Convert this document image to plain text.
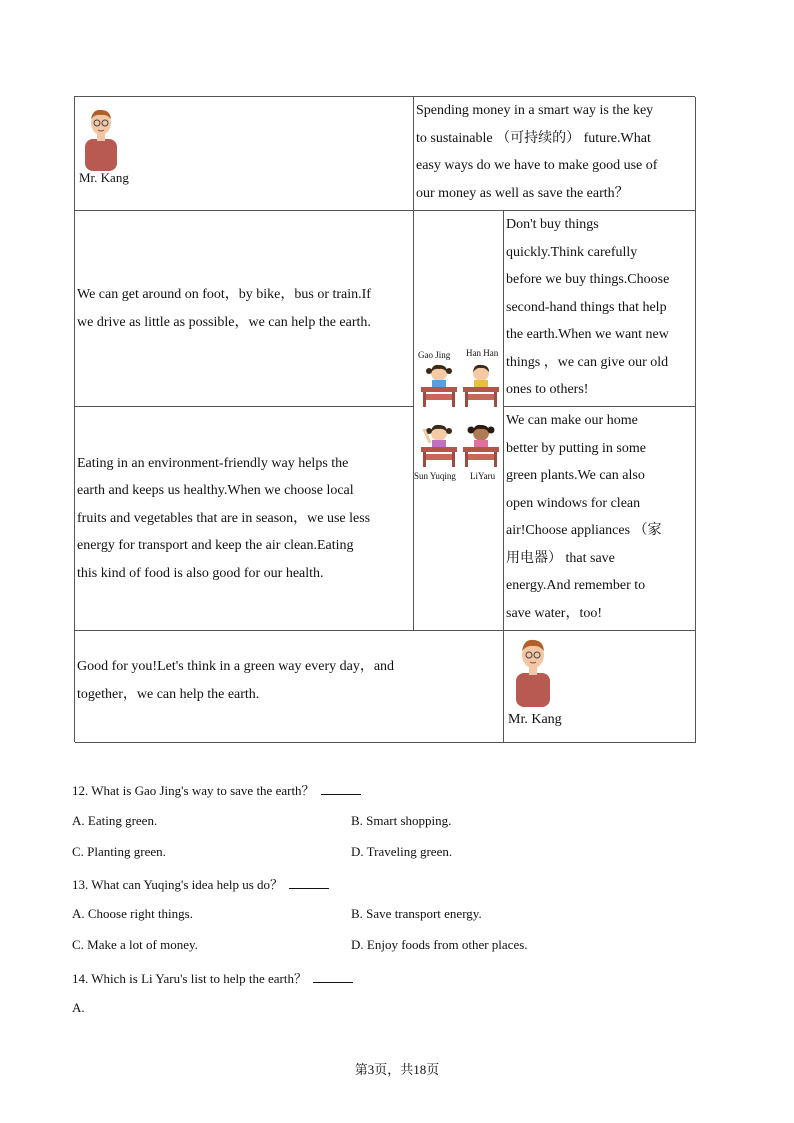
Mr. Kang
Spending money in a smart way is the key
to sustainable （可持续的） future.What
easy ways do we have to make good use of
our money as well as save the earth？
We can get around on foot，by bike，bus or train.If
we drive as little as possible，we can help the earth.
Gao Jing Han Han
Sun Yuqing LiYaru
Don't buy things
quickly.Think carefully
before we buy things.Choose
second-hand things that help
the earth.When we want new
things ，we can give our old
ones to others!
Eating in an environment-friendly way helps the
earth and keeps us healthy.When we choose local
fruits and vegetables that are in season，we use less
energy for transport and keep the air clean.Eating
this kind of food is also good for our health.
We can make our home
better by putting in some
green plants.We can also
open windows for clean
air!Choose appliances （家
用电器） that save
energy.And remember to
save water，too!
Good for you!Let's think in a green way every day，and
together，we can help the earth.
Mr. Kang
12. What is Gao Jing's way to save the earth？
A. Eating green.	B. Smart shopping.
C. Planting green.	D. Traveling green.
13. What can Yuqing's idea help us do？
A. Choose right things.	B. Save transport energy.
C. Make a lot of money.	D. Enjoy foods from other places.
14. Which is Li Yaru's list to help the earth？
A.
第3页，共18页
